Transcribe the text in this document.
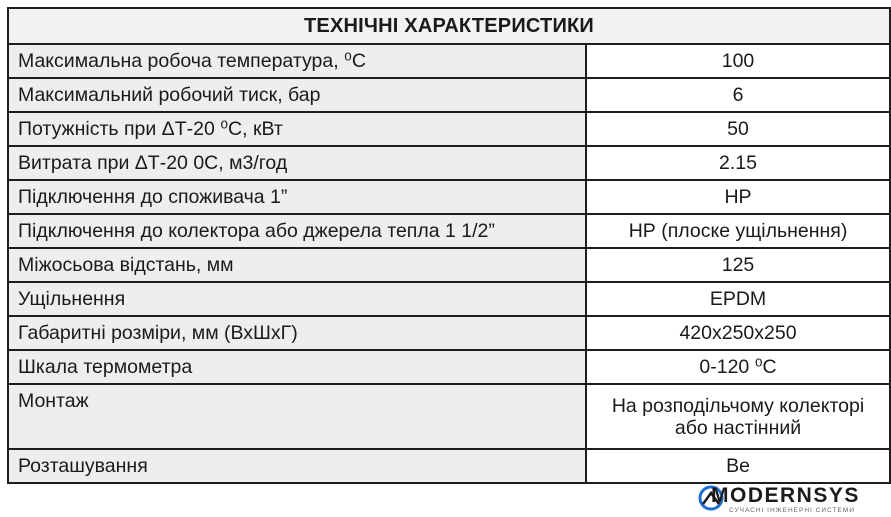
ТЕХНІЧНІ ХАРАКТЕРИСТИКИ	
Максимальна робоча температура, ⁰С	100
Максимальний робочий тиск, бар	6
Потужність при ΔТ-20 ⁰С, кВт	50
Витрата при ΔТ-20 0С, м3/год	2.15
Підключення до споживача 1”	НР
Підключення до колектора або джерела тепла 1 1/2”	НР (плоске ущільнення)
Міжосьова відстань, мм	125
Ущільнення	EPDM
Габаритні розміри, мм (ВхШхГ)	420х250х250
Шкала термометра	0-120 ⁰С
Монтаж	На розподільчому колекторі або настінний
Розташування	Ве
MODERNSYS
СУЧАСНІ ІНЖЕНЕРНІ СИСТЕМИ
